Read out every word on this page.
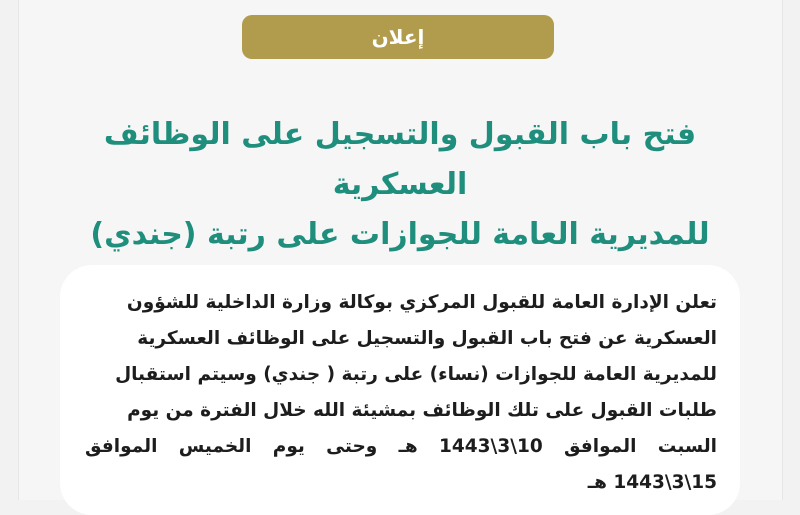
إعلان
فتح باب القبول والتسجيل على الوظائف العسكرية
للمديرية العامة للجوازات على رتبة (جندي)
تعلن الإدارة العامة للقبول المركزي بوكالة وزارة الداخلية للشؤون
العسكرية عن فتح باب القبول والتسجيل على الوظائف العسكرية
للمديرية العامة للجوازات (نساء) على رتبة ( جندي) وسيتم استقبال
طلبات القبول على تلك الوظائف بمشيئة الله خلال الفترة من يوم
السبت الموافق 10\3\1443 هـ وحتى يوم الخميس الموافق 15\3\1443 هـ
